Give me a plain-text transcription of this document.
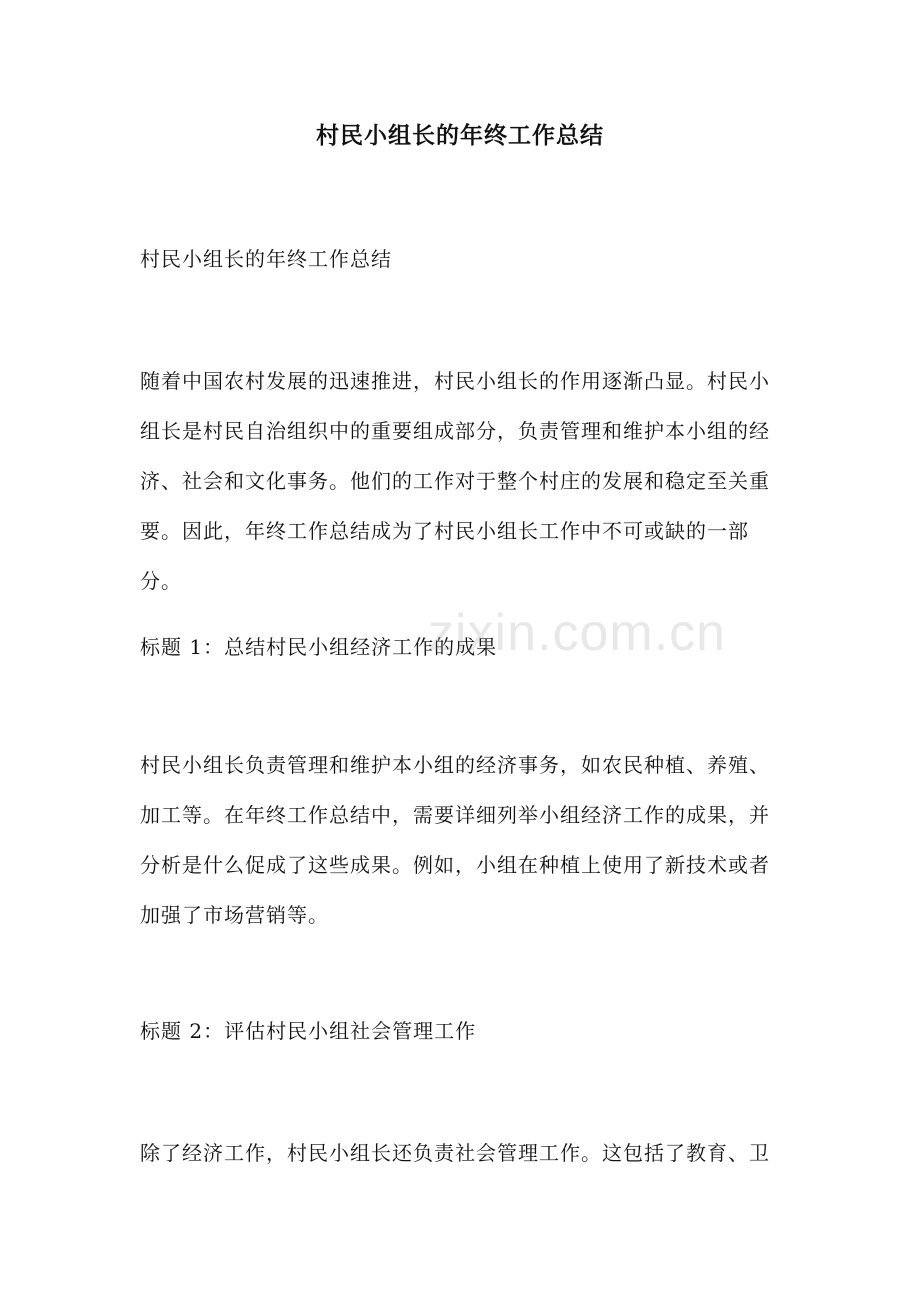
村民小组长的年终工作总结
村民小组长的年终工作总结
随着中国农村发展的迅速推进，村民小组长的作用逐渐凸显。村民小组长是村民自治组织中的重要组成部分，负责管理和维护本小组的经济、社会和文化事务。他们的工作对于整个村庄的发展和稳定至关重要。因此，年终工作总结成为了村民小组长工作中不可或缺的一部分。
标题 1：总结村民小组经济工作的成果
村民小组长负责管理和维护本小组的经济事务，如农民种植、养殖、加工等。在年终工作总结中，需要详细列举小组经济工作的成果，并分析是什么促成了这些成果。例如，小组在种植上使用了新技术或者加强了市场营销等。
标题 2：评估村民小组社会管理工作
除了经济工作，村民小组长还负责社会管理工作。这包括了教育、卫
zixin.com.cn
